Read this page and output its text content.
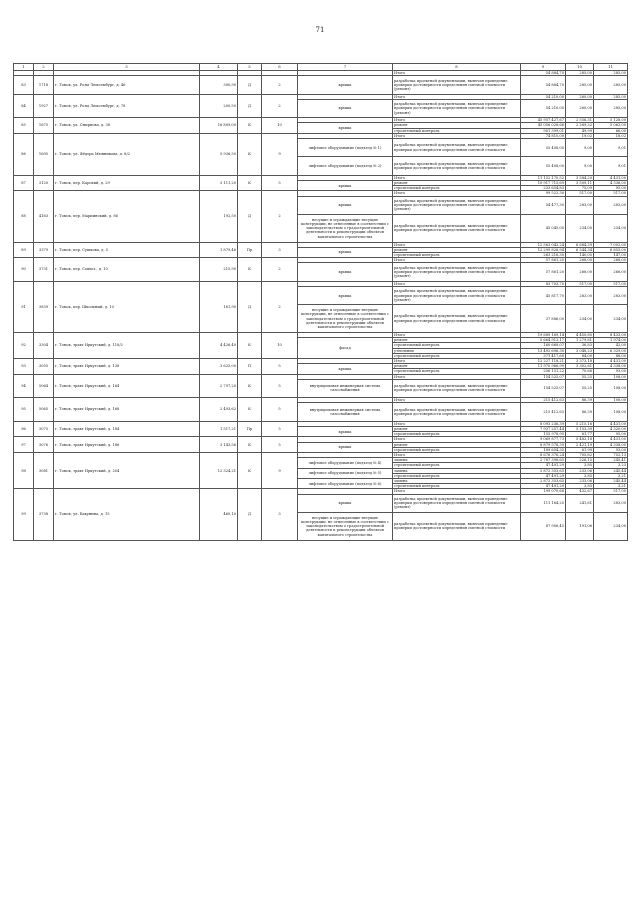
71
1	2	3	4	5	6	7	8	9	10	11
							Итого	54 884,70	285,00	285,00
83	1718	г. Томск, ул. Розы Люксембург, д. 46	300,90	Д	2	крыша	разработка проектной документации, включая проведение проверки достоверности определения сметной стоимости (ремонт)	54 884,70	285,00	285,00
84	1927	г. Томск, ул. Розы Люксембург, д. 78	200,50	Д	2		Итого	54 210,00	260,00	285,00
						крыша	разработка проектной документации, включая проведение проверки достоверности определения сметной стоимости (ремонт)	54 210,00	260,00	285,00
85	1675	г. Томск, ул. Смирнова, д. 38	16 809,00	К	10		Итого	45 957 427,67	2 556,31	5 128,00
						крыша	ремонт	45 056 028,66	2 289,32	5 062,00
							строительный контроль	901 399,01	49,99	66,00
86	1695	г. Томск, ул. Фёдора Мюнникова, д. 8/2	5 936,50	К	9		Итого	74 810,00	19,02	18,02
						лифтовое оборудование (подъезд № 1)	разработка проектной документации, включая проведение проверки достоверности определения сметной стоимости	55 408,00	9,00	9,01
						лифтовое оборудование (подъезд № 2)	разработка проектной документации, включая проведение проверки достоверности определения сметной стоимости	55 408,00	9,00	9,01
87	3120	г. Томск, пер. Карский, д. 29	3 111,20	К	5		Итого	11 152 170,52	3 584,20	4 431,00
						крыша	ремонт	10 917 715,69	3 509,11	4 336,00
							строительный контроль	233 654,83	75,09	95,00
88	4163	г. Томск, пер. Мариинский, д. 86	192,50	Д	2		Итого	99 522,30	517,00	517,00
						крыша	разработка проектной документации, включая проведение проверки достоверности определения сметной стоимости (ремонт)	54 477,30	283,00	283,00
						несущие и ограждающие несущие конструкции, не отнесенные в соответствии с законодательством о градостроительной деятельности к реконструкции объектов капитального строительства	разработка проектной документации, включая проведение проверки достоверности определения сметной стоимости	45 045,00	234,00	234,00
89	3379	г. Томск, пер. Сушкова, д. 5	1 879,46	Пр	3		Итого	12 563 043,24	6 684,39	7 002,00
						крыша	ремонт	12 299 826,94	6 544,34	6 855,00
							строительный контроль	263 216,30	140,05	147,00
90	3731	г. Томск, пер. Совхоз., д. 10	215,90	К	2		Итого	57 861,20	268,00	268,00
						крыша	разработка проектной документации, включая проведение проверки достоверности определения сметной стоимости (ремонт)	57 861,20	268,00	268,00
91	3839	г. Томск, пер. Школьный, д. 10	161,90	Д	2		Итого	83 703,70	517,00	517,00
						крыша	разработка проектной документации, включая проведение проверки достоверности определения сметной стоимости (ремонт)	45 817,70	283,00	283,00
						несущие и ограждающие несущие конструкции, не отнесенные в соответствии с законодательством о градостроительной деятельности к реконструкции объектов капитального строительства	разработка проектной документации, включая проведение проверки достоверности определения сметной стоимости	37 886,00	234,00	234,00
92	3304	г. Томск, тракт Иркутский, д. 118/2	4 426,40	К	10		Итого	19 689 169,14	4 450,85	8 433,00
						фасад	ремонт	5 664 913,17	1 279,81	1 974,00
							строительный контроль	160 668,07	36,83	42,00
							утепление	13 492 696,30	3 048,23	6 329,00
							строительный контроль	371 417,60	84,00	88,00
93	3055	г. Томск, тракт Иркутский, д. 138	3 625,00	П	5		Итого	12 227 118,21	3 373,18	4 431,00
						крыша	ремонт	11 970 966,99	3 302,61	4 338,00
							строительный контроль	256 151,22	70,66	93,00
94	5064	г. Томск, тракт Иркутский, д. 164	2 797,20	К	5		Итого	154 525,07	55,25	108,00
						внутридомовая инженерная система газоснабжения	разработка проектной документации, включая проведение проверки достоверности определения сметной стоимости	154 525,07	55,25	108,00
95	5065	г. Томск, тракт Иркутский, д. 168	2 493,62	К	5		Итого	215 412,63	86,39	108,00
						внутридомовая инженерная система газоснабжения	разработка проектной документации, включая проведение проверки достоверности определения сметной стоимости	215 412,63	86,39	108,00
96	3075	г. Томск, тракт Иркутский, д. 184	1 517,21	Пр	5		Итого	8 093 236,39	5 215,16	4 431,00
						крыша	ремонт	7 937 257,44	5 153,39	4 320,00
							строительный контроль	155 978,95	61,77	95,00
97	3076	г. Томск, тракт Иркутский, д. 186	3 143,56	К	5		Итого	9 069 877,73	5 482,18	4 431,00
						крыша	ремонт	8 879 578,39	2 421,19	4 338,00
							строительный контроль	189 654,35	61,99	93,00
98	3081	г. Томск, тракт Иркутский, д. 204	12 324,21	К	9		Итого	8 676 376,24	705,82	752,13
						лифтовое оборудование (подъезд № 4)	замена	2 787 396,65	226,15	245,41
							строительный контроль	47 491,29	3,85	3,23
						лифтовое оборудование (подъезд № 5)	замена	2 872 353,65	233,06	245,44
							строительный контроль	47 491,29	3,85	3,21
						лифтовое оборудование (подъезд № 6)	замена	2 872 353,65	233,06	245,44
							строительный контроль	47 491,29	3,85	3,21
99	3738	г. Томск, ул. Бакунина, д. 15	460,10	Д	3		Итого	199 070,68	432,67	517,00
						крыша	разработка проектной документации, включая проведение проверки достоверности определения сметной стоимости (ремонт)	111 164,25	241,61	283,00
						несущие и ограждающие несущие конструкции, не отнесенные в соответствии с законодательством о градостроительной деятельности к реконструкции объектов капитального строительства	разработка проектной документации, включая проведение проверки достоверности определения сметной стоимости	87 906,45	191,06	234,00
